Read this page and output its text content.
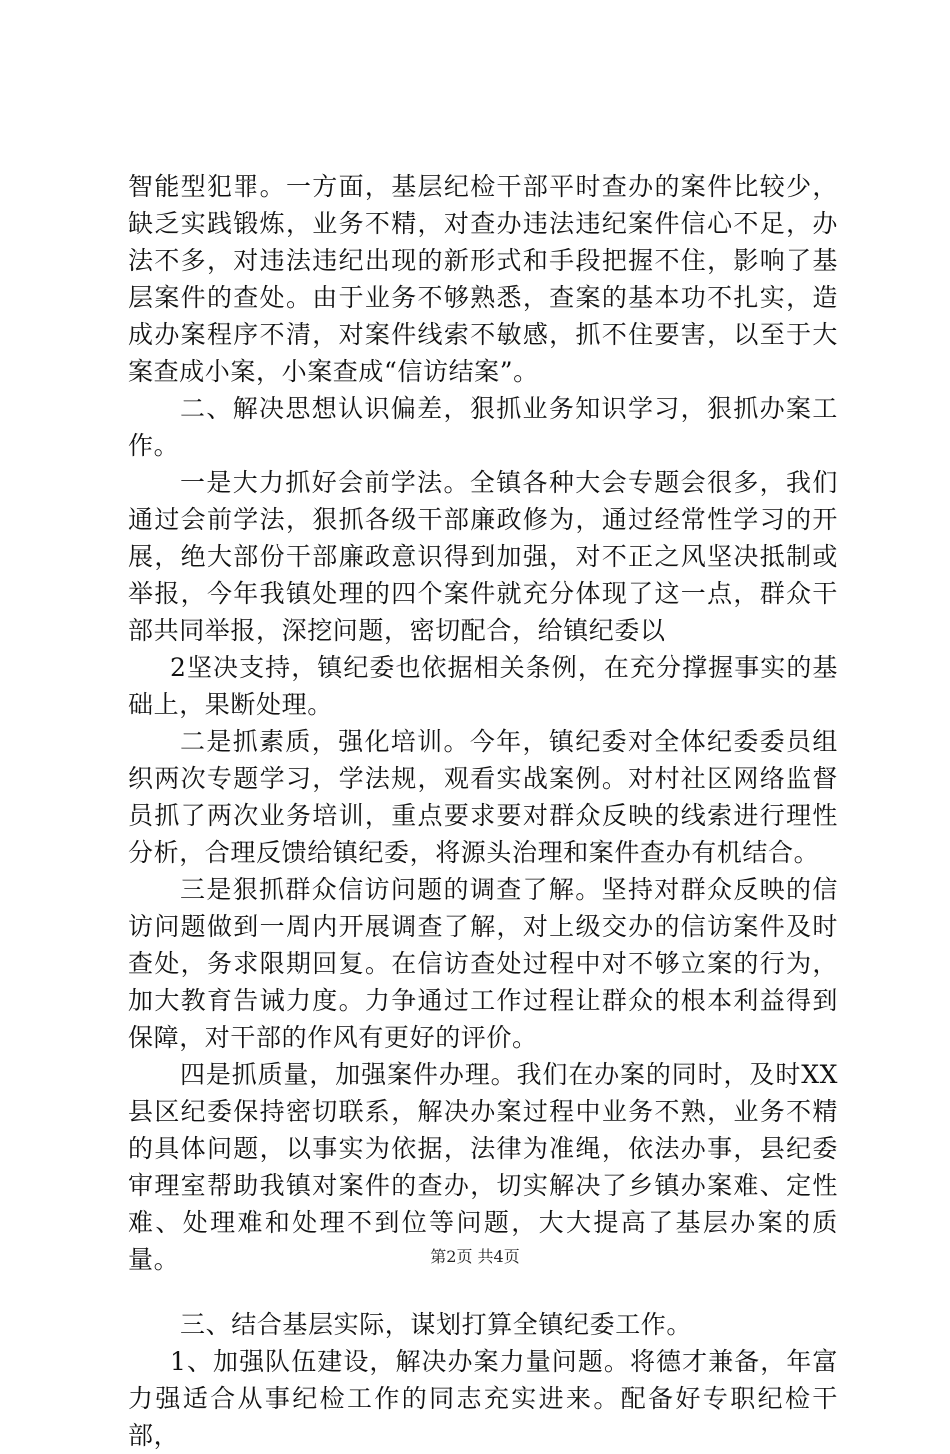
智能型犯罪。一方面，基层纪检干部平时查办的案件比较少，缺乏实践锻炼，业务不精，对查办违法违纪案件信心不足，办法不多，对违法违纪出现的新形式和手段把握不住，影响了基层案件的查处。由于业务不够熟悉，查案的基本功不扎实，造成办案程序不清，对案件线索不敏感，抓不住要害，以至于大案查成小案，小案查成“信访结案”。

二、解决思想认识偏差，狠抓业务知识学习，狠抓办案工作。

一是大力抓好会前学法。全镇各种大会专题会很多，我们通过会前学法，狠抓各级干部廉政修为，通过经常性学习的开展，绝大部份干部廉政意识得到加强，对不正之风坚决抵制或举报，今年我镇处理的四个案件就充分体现了这一点，群众干部共同举报，深挖问题，密切配合，给镇纪委以

2坚决支持，镇纪委也依据相关条例，在充分撑握事实的基础上，果断处理。

二是抓素质，强化培训。今年，镇纪委对全体纪委委员组织两次专题学习，学法规，观看实战案例。对村社区网络监督员抓了两次业务培训，重点要求要对群众反映的线索进行理性分析，合理反馈给镇纪委，将源头治理和案件查办有机结合。

三是狠抓群众信访问题的调查了解。坚持对群众反映的信访问题做到一周内开展调查了解，对上级交办的信访案件及时查处，务求限期回复。在信访查处过程中对不够立案的行为，加大教育告诫力度。力争通过工作过程让群众的根本利益得到保障，对干部的作风有更好的评价。

四是抓质量，加强案件办理。我们在办案的同时，及时XX县区纪委保持密切联系，解决办案过程中业务不熟，业务不精的具体问题，以事实为依据，法律为准绳，依法办事，县纪委审理室帮助我镇对案件的查办，切实解决了乡镇办案难、定性难、处理难和处理不到位等问题，大大提高了基层办案的质量。

三、结合基层实际，谋划打算全镇纪委工作。

1、加强队伍建设，解决办案力量问题。将德才兼备，年富力强适合从事纪检工作的同志充实进来。配备好专职纪检干部，

第2页 共4页
